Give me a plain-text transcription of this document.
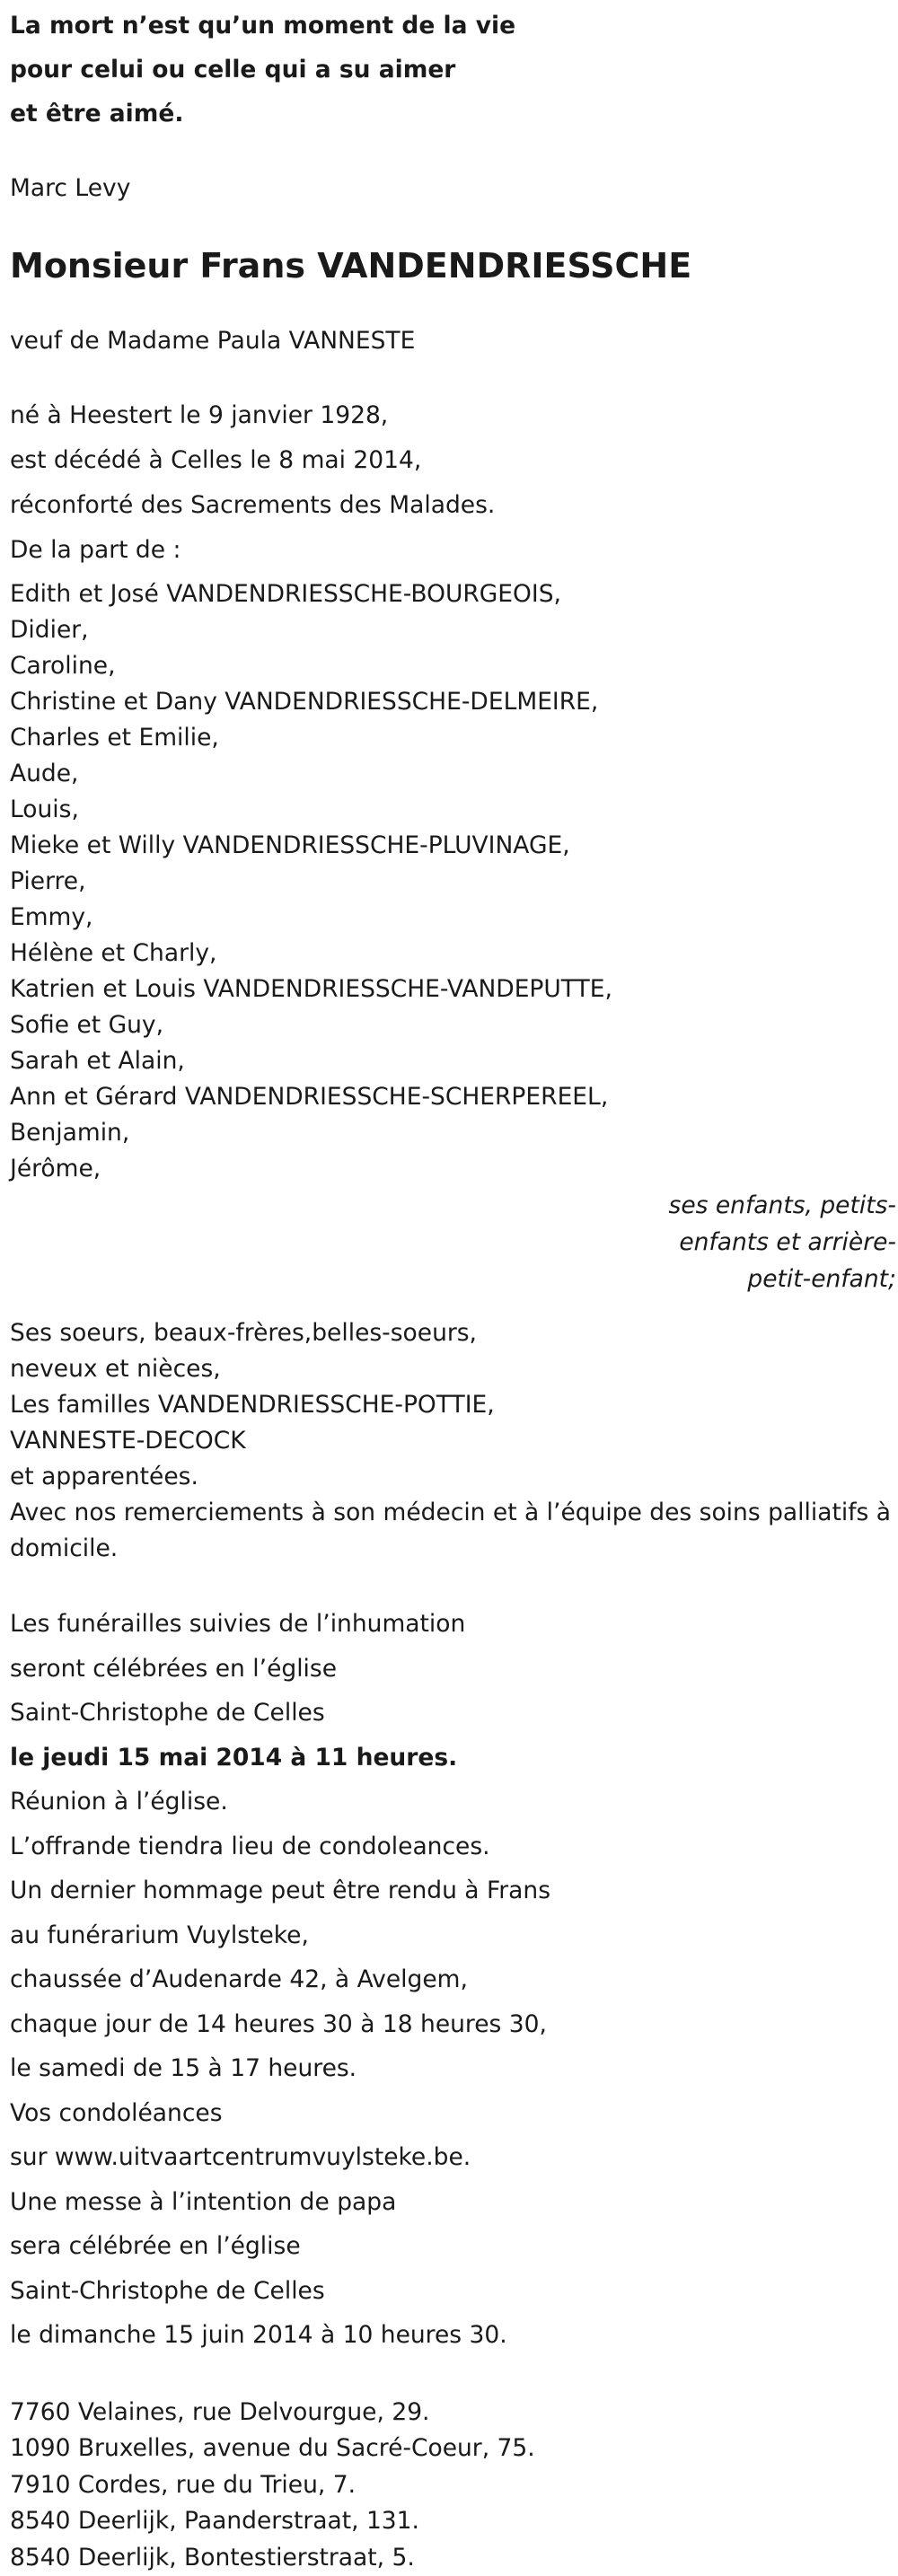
La mort n’est qu’un moment de la vie

pour celui ou celle qui a su aimer

et être aimé.

Marc Levy

Monsieur Frans VANDENDRIESSCHE

veuf de Madame Paula VANNESTE

né à Heestert le 9 janvier 1928,

est décédé à Celles le 8 mai 2014,

réconforté des Sacrements des Malades.

De la part de :

Edith et José VANDENDRIESSCHE-BOURGEOIS,

Didier,

Caroline,

Christine et Dany VANDENDRIESSCHE-DELMEIRE,

Charles et Emilie,

Aude,

Louis,

Mieke et Willy VANDENDRIESSCHE-PLUVINAGE,

Pierre,

Emmy,

Hélène et Charly,

Katrien et Louis VANDENDRIESSCHE-VANDEPUTTE,

Sofie et Guy,

Sarah et Alain,

Ann et Gérard VANDENDRIESSCHE-SCHERPEREEL,

Benjamin,

Jérôme,

ses enfants, petits-

enfants et arrière-

petit-enfant;

Ses soeurs, beaux-frères,belles-soeurs,

neveux et nièces,

Les familles VANDENDRIESSCHE-POTTIE,

VANNESTE-DECOCK

et apparentées.

Avec nos remerciements à son médecin et à l’équipe des soins palliatifs à domicile.

Les funérailles suivies de l’inhumation

seront célébrées en l’église

Saint-Christophe de Celles

le jeudi 15 mai 2014 à 11 heures.

Réunion à l’église.

L’offrande tiendra lieu de condoleances.

Un dernier hommage peut être rendu à Frans

au funérarium Vuylsteke,

chaussée d’Audenarde 42, à Avelgem,

chaque jour de 14 heures 30 à 18 heures 30,

le samedi de 15 à 17 heures.

Vos condoléances

sur www.uitvaartcentrumvuylsteke.be.

Une messe à l’intention de papa

sera célébrée en l’église

Saint-Christophe de Celles

le dimanche 15 juin 2014 à 10 heures 30.

7760 Velaines, rue Delvourgue, 29.

1090 Bruxelles, avenue du Sacré-Coeur, 75.

7910 Cordes, rue du Trieu, 7.

8540 Deerlijk, Paanderstraat, 131.

8540 Deerlijk, Bontestierstraat, 5.
